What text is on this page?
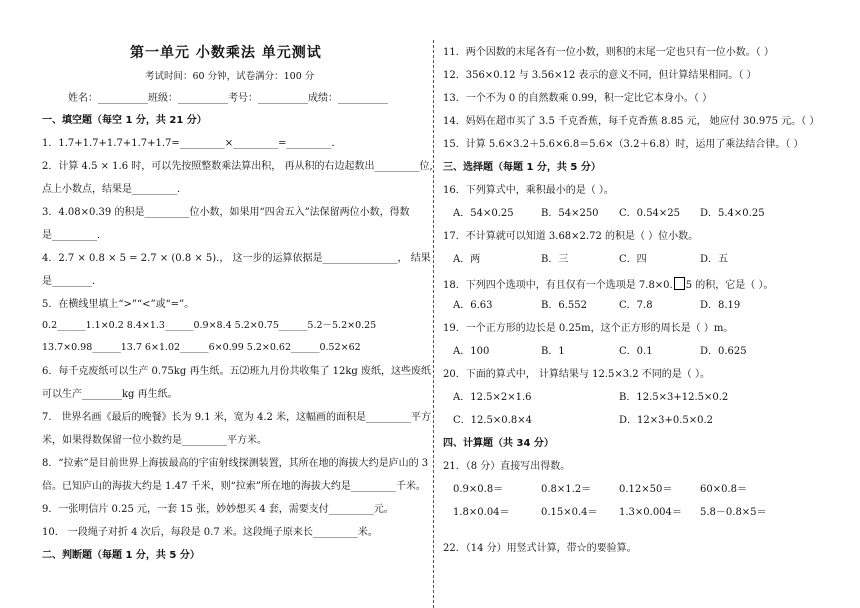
第一单元 小数乘法 单元测试
考试时间：60 分钟，试卷满分：100 分
姓名：__________班级：__________考号：__________成绩：__________
一、填空题（每空 1 分，共 21 分）
1．1.7+1.7+1.7+1.7+1.7=_________×_________=_________．
2．计算 4.5 × 1.6 时，可以先按照整数乘法算出积， 再从积的右边起数出_________位,
点上小数点，结果是_________．
3．4.08×0.39 的积是_________位小数，如果用“四舍五入”法保留两位小数，得数
是_________．
4．2.7 × 0.8 × 5 = 2.7 × (0.8 × 5).， 这一步的运算依据是_______________， 结果
是________．
5．在横线里填上“>”“<”或“=”。
0.2______1.1×0.2 8.4×1.3______0.9×8.4 5.2×0.75______5.2－5.2×0.25
13.7×0.98______13.7 6×1.02______6×0.99 5.2×0.62______0.52×62
6．每千克废纸可以生产 0.75kg 再生纸。五⑵班九月份共收集了 12kg 废纸，这些废纸
可以生产________kg 再生纸。
7． 世界名画《最后的晚餐》长为 9.1 米，宽为 4.2 米，这幅画的面积是_________平方
米，如果得数保留一位小数约是_________平方米。
8．“拉索”是目前世界上海拔最高的宇宙射线探测装置，其所在地的海拔大约是庐山的 3
倍。已知庐山的海拔大约是 1.47 千米，则“拉索”所在地的海拔大约是_________千米。
9．一张明信片 0.25 元，一套 15 张，妙妙想买 4 套，需要支付_________元。
10． 一段绳子对折 4 次后，每段是 0.7 米。这段绳子原来长_________米。
二、判断题（每题 1 分，共 5 分）
11．两个因数的末尾各有一位小数，则积的末尾一定也只有一位小数。（ ）
12．356×0.12 与 3.56×12 表示的意义不同，但计算结果相同。（ ）
13．一个不为 0 的自然数乘 0.99，积一定比它本身小。（ ）
14．妈妈在超市买了 3.5 千克香蕉，每千克香蕉 8.85 元， 她应付 30.975 元。（ ）
15．计算 5.6×3.2＋5.6×6.8＝5.6×（3.2＋6.8）时，运用了乘法结合律。（ ）
三、选择题（每题 1 分，共 5 分）
16．下列算式中，乘积最小的是（ ）。
A．54×0.25	B．54×250 C．0.54×25 D．5.4×0.25
17．不计算就可以知道 3.68×2.72 的积是（ ）位小数。
A．两	B．三	C．四	D．五
18．下列四个选项中，有且仅有一个选项是 7.8×0. 5 的积，它是（ ）。
A．6.63	B．6.552	C．7.8	D．8.19
19．一个正方形的边长是 0.25m，这个正方形的周长是（ ）m。
A．100	B．1	C．0.1	D．0.625
20．下面的算式中， 计算结果与 12.5×3.2 不同的是（ ）。
A．12.5×2×1.6	B．12.5×3+12.5×0.2
C．12.5×0.8×4	D．12×3+0.5×0.2
四、计算题（共 34 分）
21．（8 分）直接写出得数。
0.9×0.8＝	0.8×1.2＝	0.12×50＝	60×0.8＝
1.8×0.04＝	0.15×0.4＝ 1.3×0.004＝ 5.8－0.8×5＝
22．（14 分）用竖式计算，带☆的要验算。
